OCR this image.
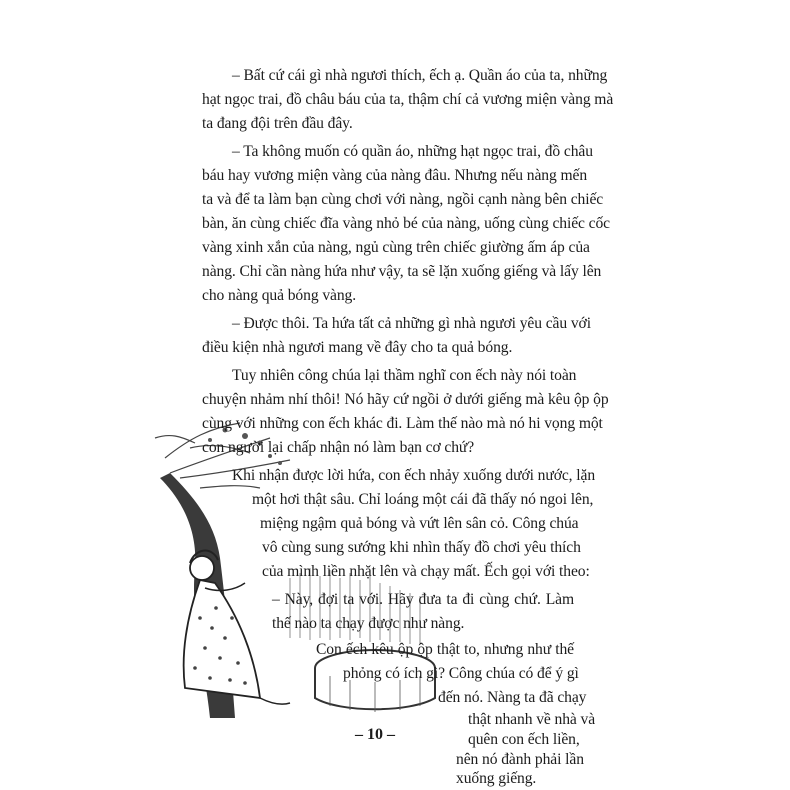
– Bất cứ cái gì nhà ngươi thích, ếch ạ. Quần áo của ta, những
hạt ngọc trai, đồ châu báu của ta, thậm chí cả vương miện vàng mà
ta đang đội trên đầu đây.
– Ta không muốn có quần áo, những hạt ngọc trai, đồ châu
báu hay vương miện vàng của nàng đâu. Nhưng nếu nàng mến
ta và để ta làm bạn cùng chơi với nàng, ngồi cạnh nàng bên chiếc
bàn, ăn cùng chiếc đĩa vàng nhỏ bé của nàng, uống cùng chiếc cốc
vàng xinh xắn của nàng, ngủ cùng trên chiếc giường ấm áp của
nàng. Chỉ cần nàng hứa như vậy, ta sẽ lặn xuống giếng và lấy lên
cho nàng quả bóng vàng.
– Được thôi. Ta hứa tất cả những gì nhà ngươi yêu cầu với
điều kiện nhà ngươi mang về đây cho ta quả bóng.
Tuy nhiên công chúa lại thầm nghĩ con ếch này nói toàn
chuyện nhảm nhí thôi! Nó hãy cứ ngồi ở dưới giếng mà kêu ộp ộp
cùng với những con ếch khác đi. Làm thế nào mà nó hi vọng một
con người lại chấp nhận nó làm bạn cơ chứ?
Khi nhận được lời hứa, con ếch nhảy xuống dưới nước, lặn
một hơi thật sâu. Chỉ loáng một cái đã thấy nó ngoi lên,
miệng ngậm quả bóng và vứt lên sân cỏ. Công chúa
vô cùng sung sướng khi nhìn thấy đồ chơi yêu thích
của mình liền nhặt lên và chạy mất. Ếch gọi với theo:
– Này, đợi ta với. Hãy đưa ta đi cùng chứ. Làm
thế nào ta chạy được như nàng.
Con ếch kêu ộp ộp thật to, nhưng như thế
phỏng có ích gì? Công chúa có để ý gì
đến nó. Nàng ta đã chạy
thật nhanh về nhà và
quên con ếch liền,
nên nó đành phải lần
xuống giếng.
– 10 –
